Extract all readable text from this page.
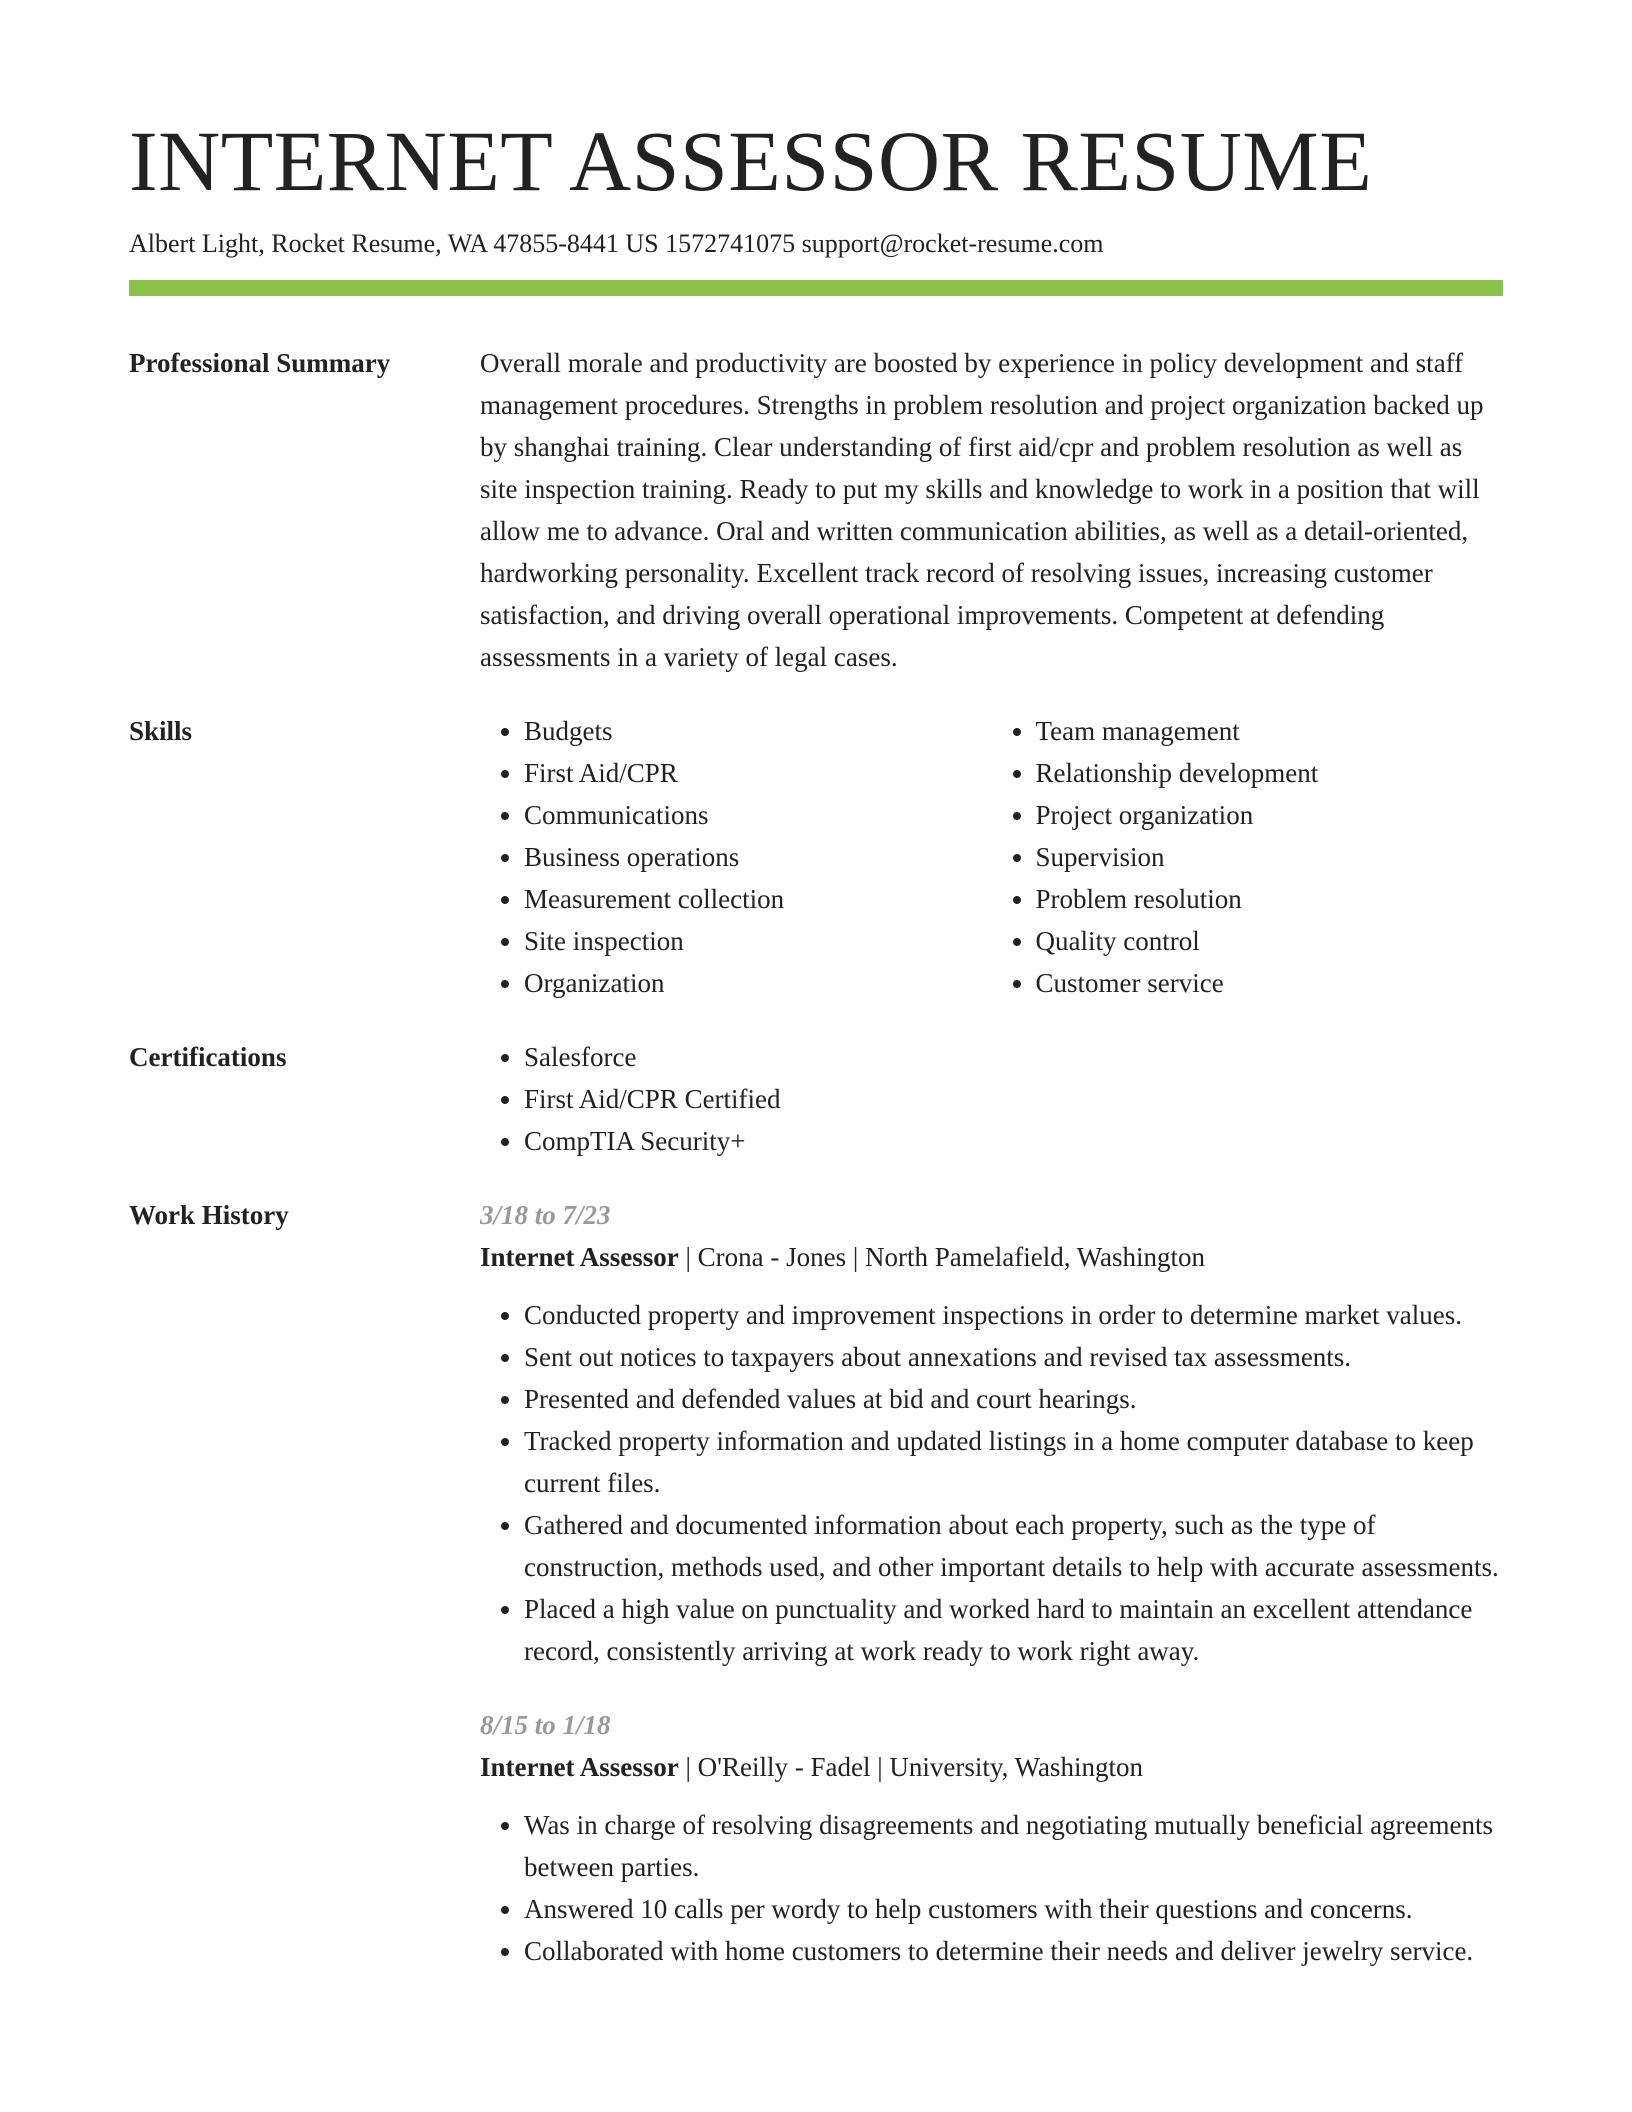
INTERNET ASSESSOR RESUME
Albert Light, Rocket Resume, WA 47855-8441 US 1572741075 support@rocket-resume.com
Professional Summary	Overall morale and productivity are boosted by experience in policy development and staff management procedures. Strengths in problem resolution and project organization backed up by shanghai training. Clear understanding of first aid/cpr and problem resolution as well as site inspection training. Ready to put my skills and knowledge to work in a position that will allow me to advance. Oral and written communication abilities, as well as a detail-oriented, hardworking personality. Excellent track record of resolving issues, increasing customer satisfaction, and driving overall operational improvements. Competent at defending assessments in a variety of legal cases.
Skills	• Budgets
• First Aid/CPR
• Communications
• Business operations
• Measurement collection
• Site inspection
• Organization
• Team management
• Relationship development
• Project organization
• Supervision
• Problem resolution
• Quality control
• Customer service
Certifications	• Salesforce
• First Aid/CPR Certified
• CompTIA Security+
Work History	3/18 to 7/23
Internet Assessor | Crona - Jones | North Pamelafield, Washington
• Conducted property and improvement inspections in order to determine market values.
• Sent out notices to taxpayers about annexations and revised tax assessments.
• Presented and defended values at bid and court hearings.
• Tracked property information and updated listings in a home computer database to keep current files.
• Gathered and documented information about each property, such as the type of construction, methods used, and other important details to help with accurate assessments.
• Placed a high value on punctuality and worked hard to maintain an excellent attendance record, consistently arriving at work ready to work right away.
8/15 to 1/18
Internet Assessor | O'Reilly - Fadel | University, Washington
• Was in charge of resolving disagreements and negotiating mutually beneficial agreements between parties.
• Answered 10 calls per wordy to help customers with their questions and concerns.
• Collaborated with home customers to determine their needs and deliver jewelry service.
